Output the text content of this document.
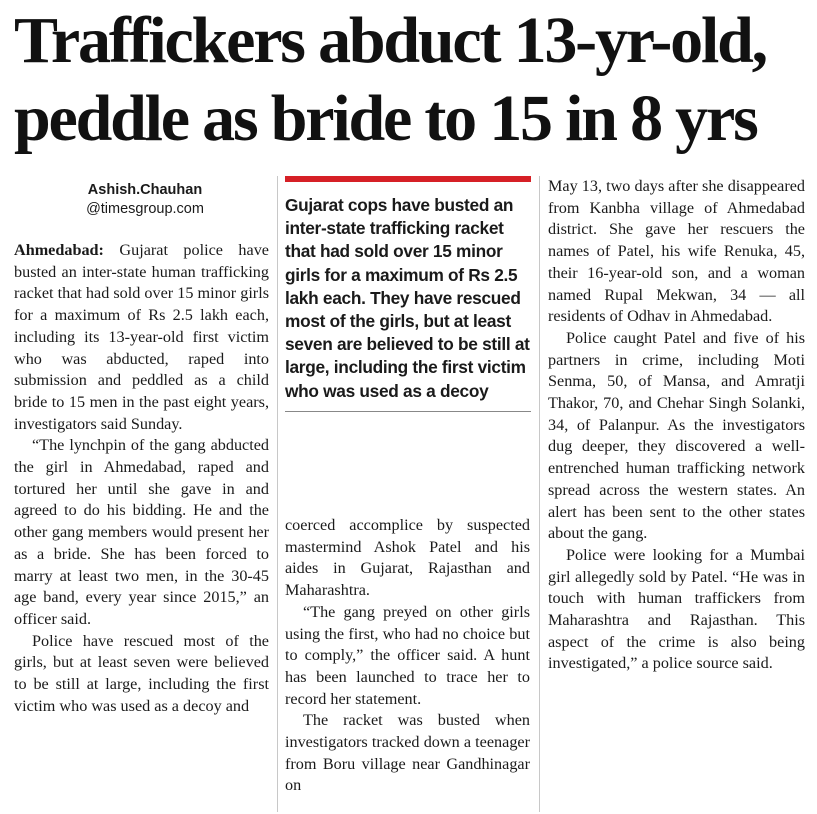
Traffickers abduct 13-yr-old,
peddle as bride to 15 in 8 yrs
Ashish.Chauhan
@timesgroup.com

Ahmedabad: Gujarat police have busted an inter-state human trafficking racket that had sold over 15 minor girls for a maximum of Rs 2.5 lakh each, including its 13-year-old first victim who was abducted, raped into submission and peddled as a child bride to 15 men in the past eight years, investigators said Sunday.

“The lynchpin of the gang abducted the girl in Ahmedabad, raped and tortured her until she gave in and agreed to do his bidding. He and the other gang members would present her as a bride. She has been forced to marry at least two men, in the 30-45 age band, every year since 2015,” an officer said.

Police have rescued most of the girls, but at least seven were believed to be still at large, including the first victim who was used as a decoy and

Gujarat cops have busted an inter-state trafficking racket that had sold over 15 minor girls for a maximum of Rs 2.5 lakh each. They have rescued most of the girls, but at least seven are believed to be still at large, including the first victim who was used as a decoy

coerced accomplice by suspected mastermind Ashok Patel and his aides in Gujarat, Rajasthan and Maharashtra.

“The gang preyed on other girls using the first, who had no choice but to comply,” the officer said. A hunt has been launched to trace her to record her statement.

The racket was busted when investigators tracked down a teenager from Boru village near Gandhinagar on

May 13, two days after she disappeared from Kanbha village of Ahmedabad district. She gave her rescuers the names of Patel, his wife Renuka, 45, their 16-year-old son, and a woman named Rupal Mekwan, 34 — all residents of Odhav in Ahmedabad.

Police caught Patel and five of his partners in crime, including Moti Senma, 50, of Mansa, and Amratji Thakor, 70, and Chehar Singh Solanki, 34, of Palanpur. As the investigators dug deeper, they discovered a well-entrenched human trafficking network spread across the western states. An alert has been sent to the other states about the gang.

Police were looking for a Mumbai girl allegedly sold by Patel. “He was in touch with human traffickers from Maharashtra and Rajasthan. This aspect of the crime is also being investigated,” a police source said.
